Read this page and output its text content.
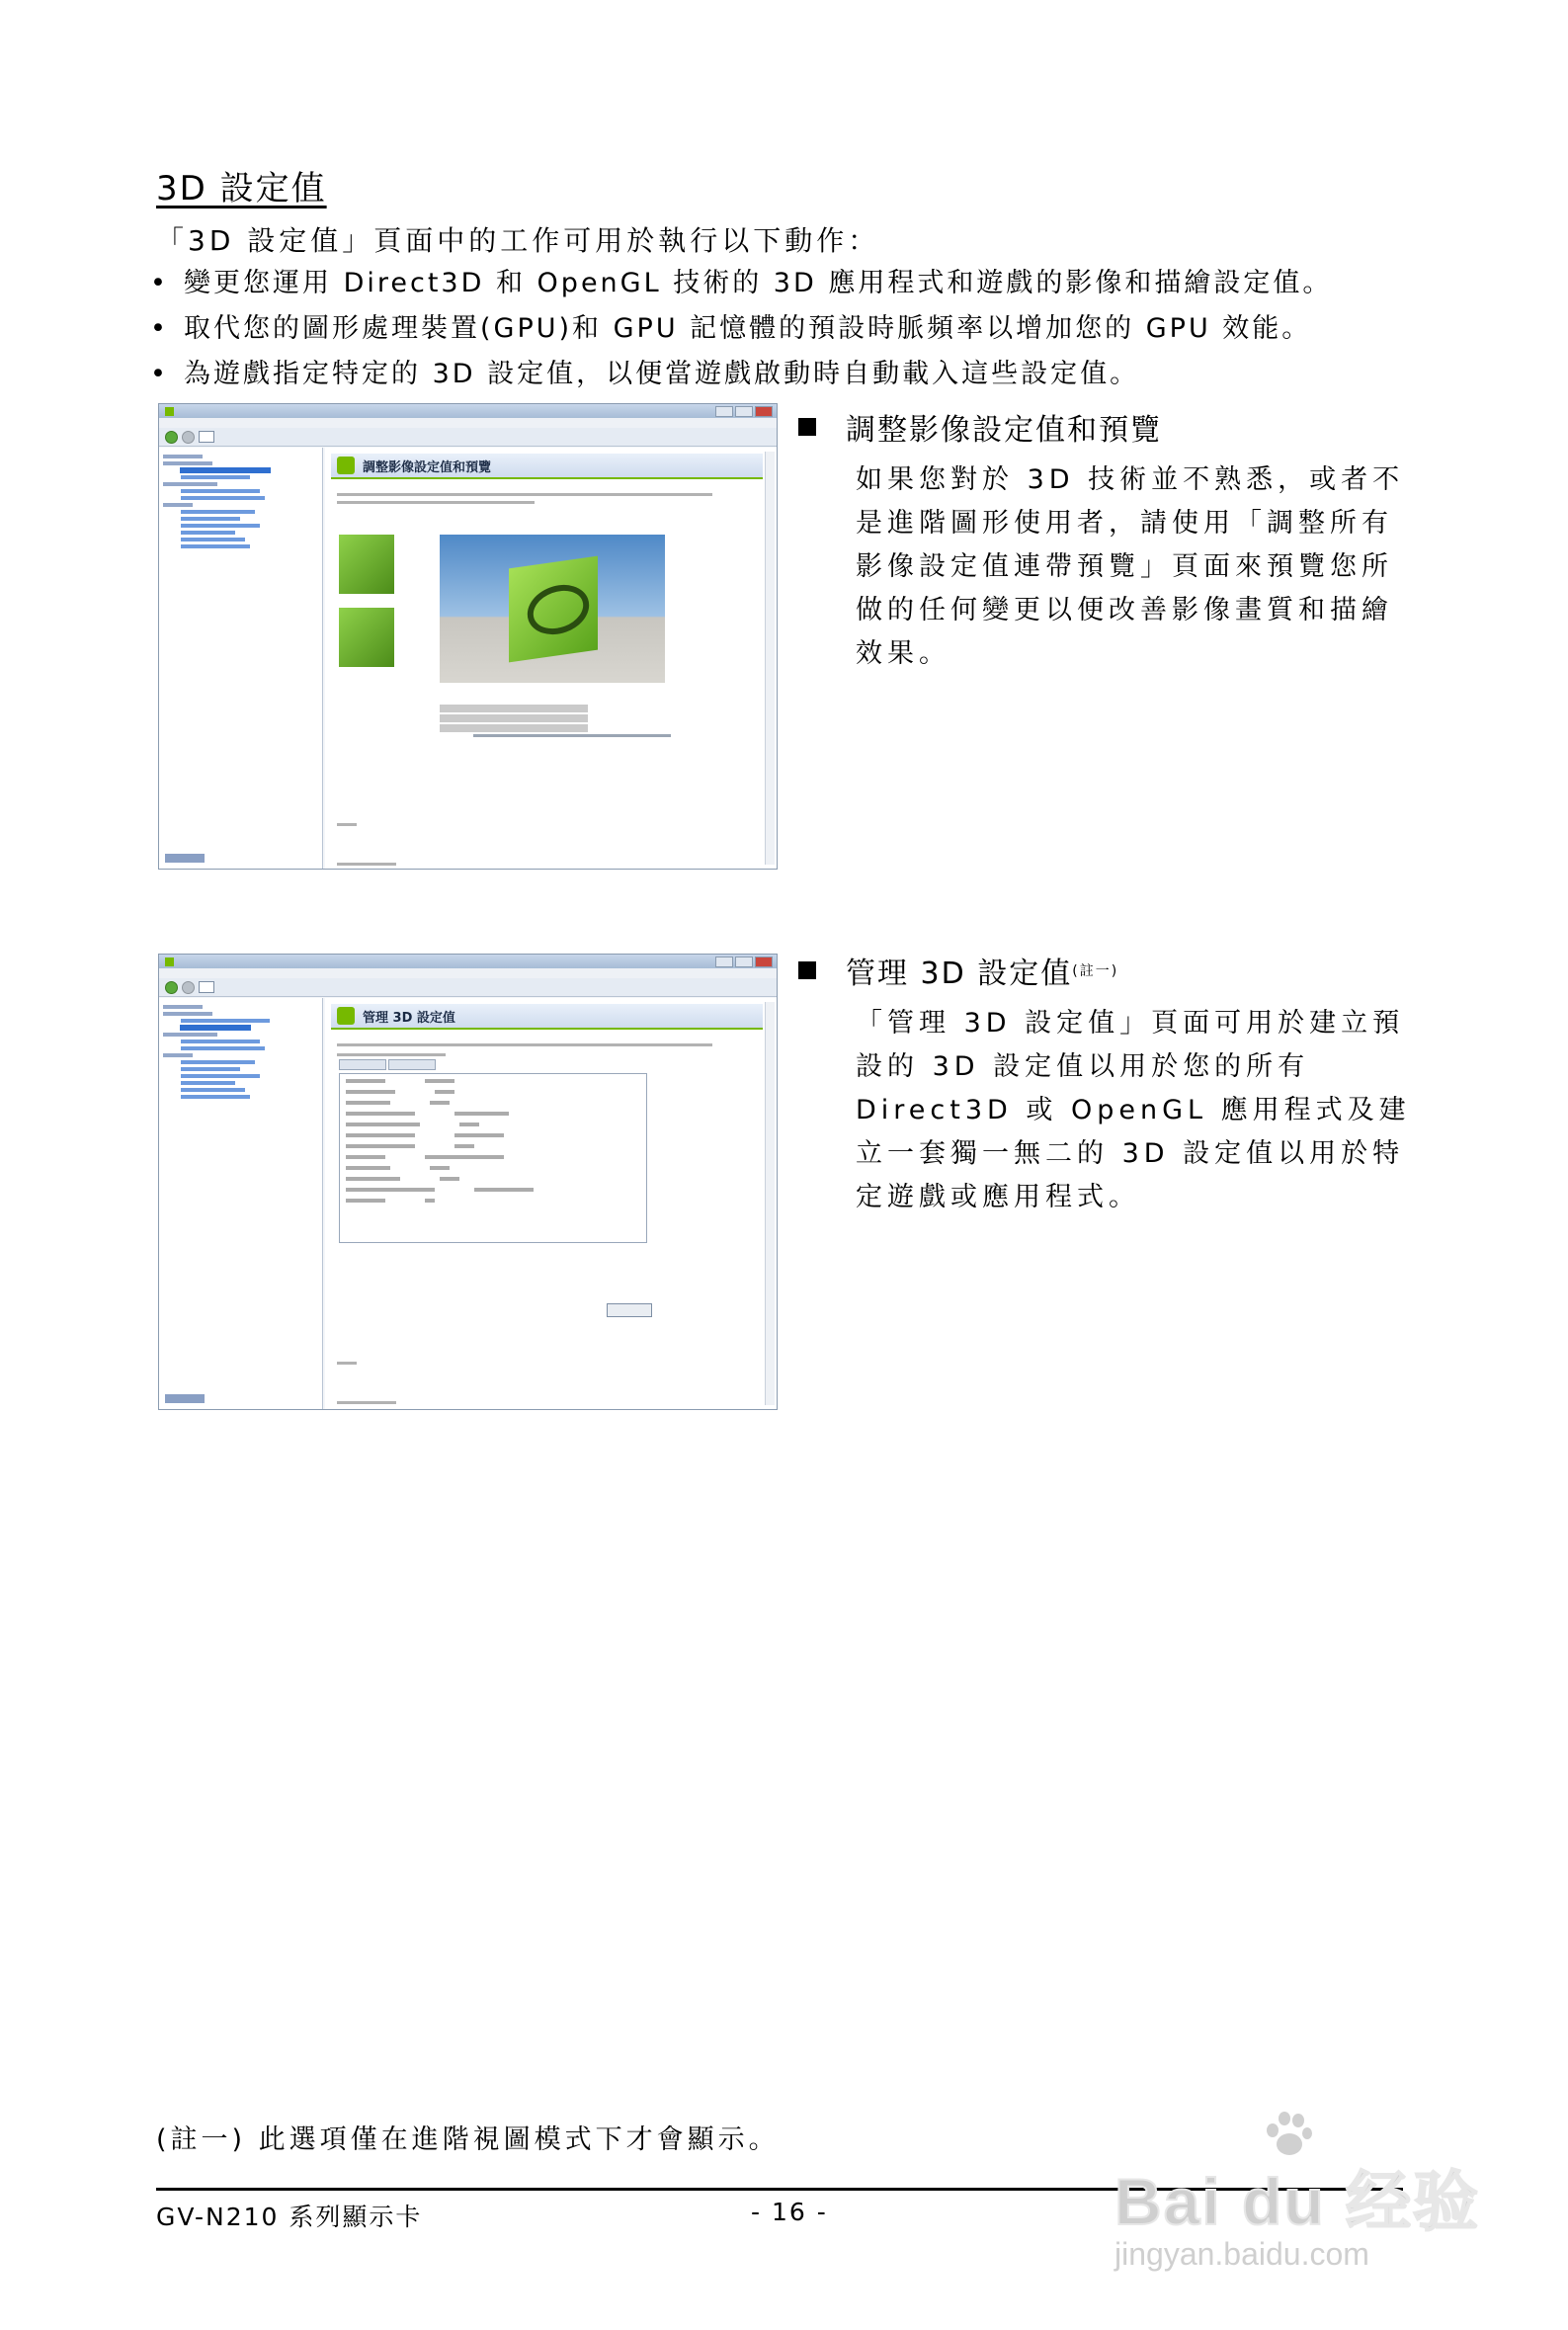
3D 設定值
「3D 設定值」頁面中的工作可用於執行以下動作：
• 變更您運用 Direct3D 和 OpenGL 技術的 3D 應用程式和遊戲的影像和描繪設定值。
• 取代您的圖形處理裝置(GPU)和 GPU 記憶體的預設時脈頻率以增加您的 GPU 效能。
• 為遊戲指定特定的 3D 設定值，以便當遊戲啟動時自動載入這些設定值。
調整影像設定值和預覽
調整影像設定值和預覽
如果您對於 3D 技術並不熟悉，或者不是進階圖形使用者，請使用「調整所有影像設定值連帶預覽」頁面來預覽您所做的任何變更以便改善影像畫質和描繪效果。
管理 3D 設定值
管理 3D 設定值 (註一)
「管理 3D 設定值」頁面可用於建立預設的 3D 設定值以用於您的所有 Direct3D 或 OpenGL 應用程式及建立一套獨一無二的 3D 設定值以用於特定遊戲或應用程式。
(註一) 此選項僅在進階視圖模式下才會顯示。
GV-N210 系列顯示卡	- 16 -	Bai du 经验
jingyan.baidu.com
